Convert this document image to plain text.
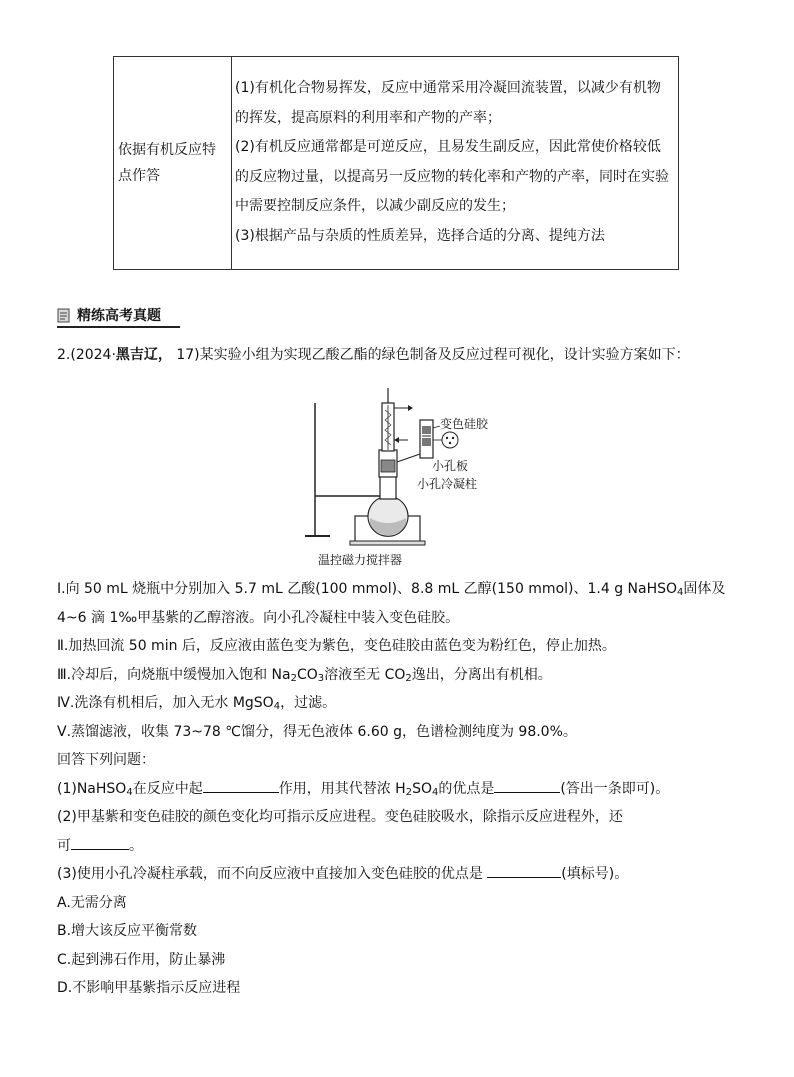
依据有机反应特点作答

(1)有机化合物易挥发，反应中通常采用冷凝回流装置，以减少有机物的挥发，提高原料的利用率和产物的产率；

(2)有机反应通常都是可逆反应，且易发生副反应，因此常使价格较低的反应物过量，以提高另一反应物的转化率和产物的产率，同时在实验中需要控制反应条件，以减少副反应的发生；

(3)根据产品与杂质的性质差异，选择合适的分离、提纯方法

精练高考真题
2.(2024·黑吉辽， 17)某实验小组为实现乙酸乙酯的绿色制备及反应过程可视化，设计实验方案如下：
变色硅胶
小孔板
小孔冷凝柱
温控磁力搅拌器

Ⅰ.向 50 mL 烧瓶中分别加入 5.7 mL 乙酸(100 mmol)、8.8 mL 乙醇(150 mmol)、1.4 g NaHSO$_4$固体及

4~6 滴 1‰甲基紫的乙醇溶液。向小孔冷凝柱中装入变色硅胶。

Ⅱ.加热回流 50 min 后，反应液由蓝色变为紫色，变色硅胶由蓝色变为粉红色，停止加热。

Ⅲ.冷却后，向烧瓶中缓慢加入饱和 $Na_2CO_3$溶液至无 $CO_2$逸出，分离出有机相。

Ⅳ.洗涤有机相后，加入无水 MgSO$_4$，过滤。

Ⅴ.蒸馏滤液，收集 73~78 ℃馏分，得无色液体 6.60 g，色谱检测纯度为 98.0%。

回答下列问题：

(1)NaHSO$_4$在反应中起	作用，用其代替浓 $H_2SO_4$的优点是	(答出一条即可)。

(2)甲基紫和变色硅胶的颜色变化均可指示反应进程。变色硅胶吸水，除指示反应进程外，还

可	。

(3)使用小孔冷凝柱承载，而不向反应液中直接加入变色硅胶的优点是	(填标号)。

A.无需分离

B.增大该反应平衡常数

C.起到沸石作用，防止暴沸

D.不影响甲基紫指示反应进程
